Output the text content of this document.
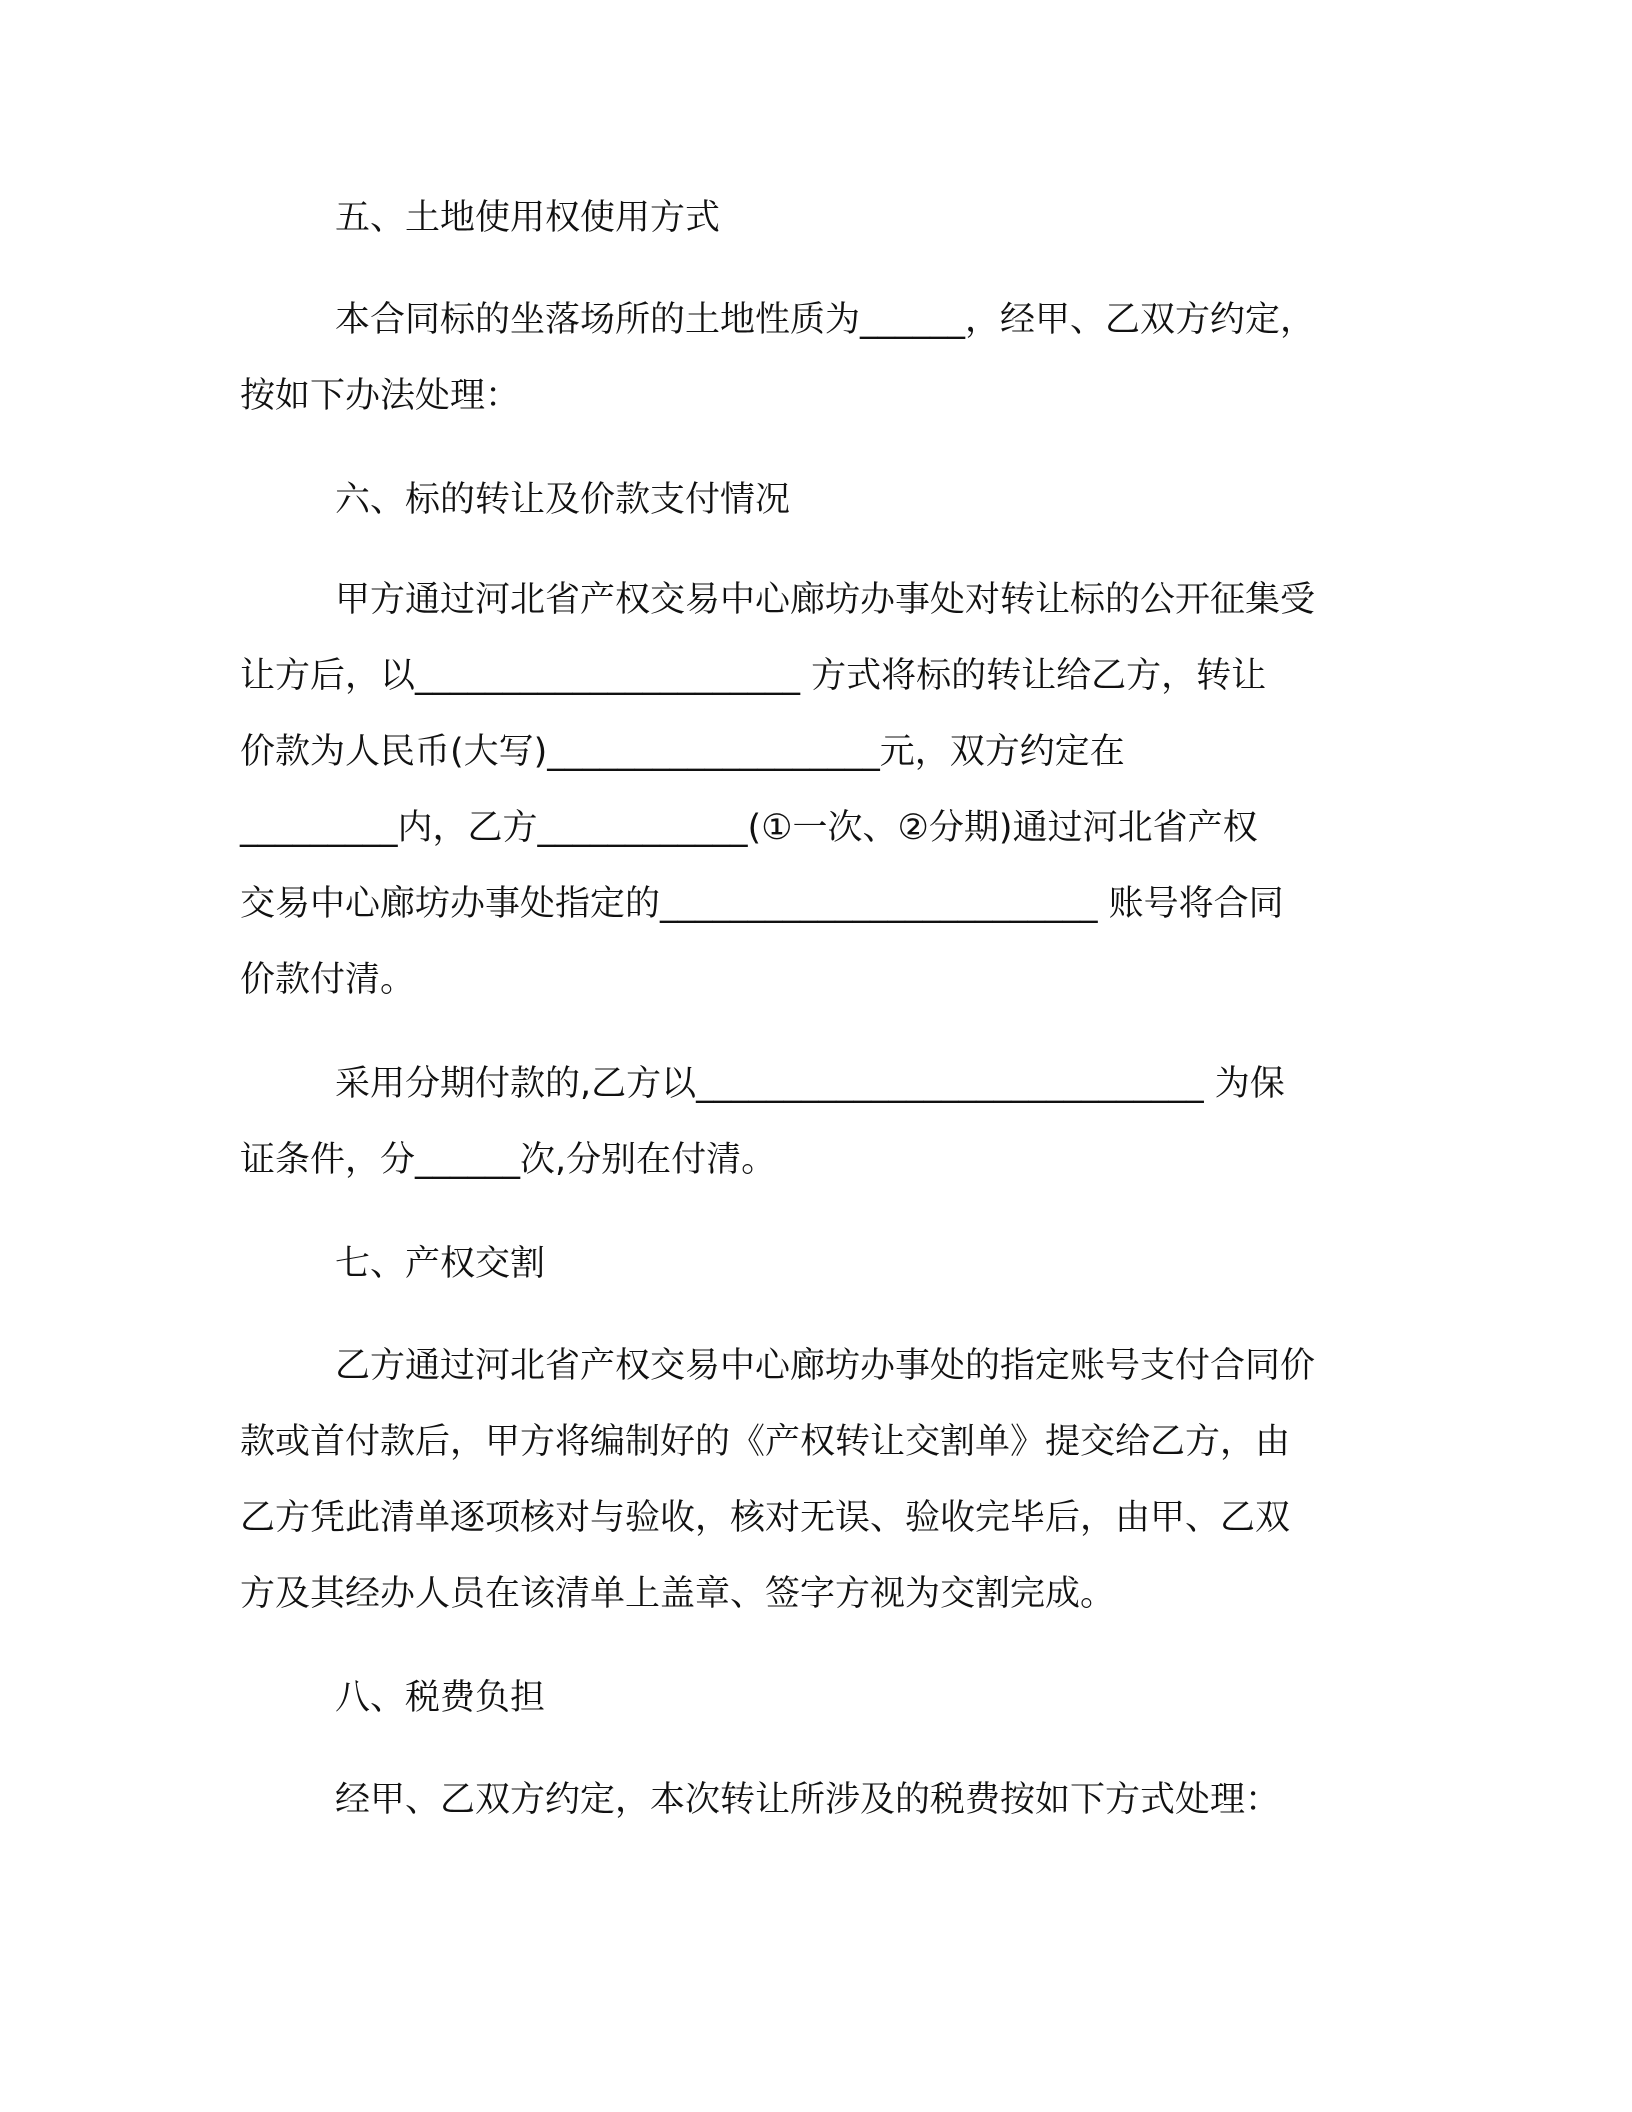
五、土地使用权使用方式
本合同标的坐落场所的土地性质为______，经甲、乙双方约定，
按如下办法处理：
六、标的转让及价款支付情况
甲方通过河北省产权交易中心廊坊办事处对转让标的公开征集受
让方后，以______________________ 方式将标的转让给乙方，转让
价款为人民币(大写)___________________元，双方约定在
_________内，乙方____________(①一次、②分期)通过河北省产权
交易中心廊坊办事处指定的_________________________ 账号将合同
价款付清。
采用分期付款的,乙方以_____________________________ 为保
证条件，分______次,分别在付清。
七、产权交割
乙方通过河北省产权交易中心廊坊办事处的指定账号支付合同价
款或首付款后，甲方将编制好的《产权转让交割单》提交给乙方，由
乙方凭此清单逐项核对与验收，核对无误、验收完毕后，由甲、乙双
方及其经办人员在该清单上盖章、签字方视为交割完成。
八、税费负担
经甲、乙双方约定，本次转让所涉及的税费按如下方式处理：
